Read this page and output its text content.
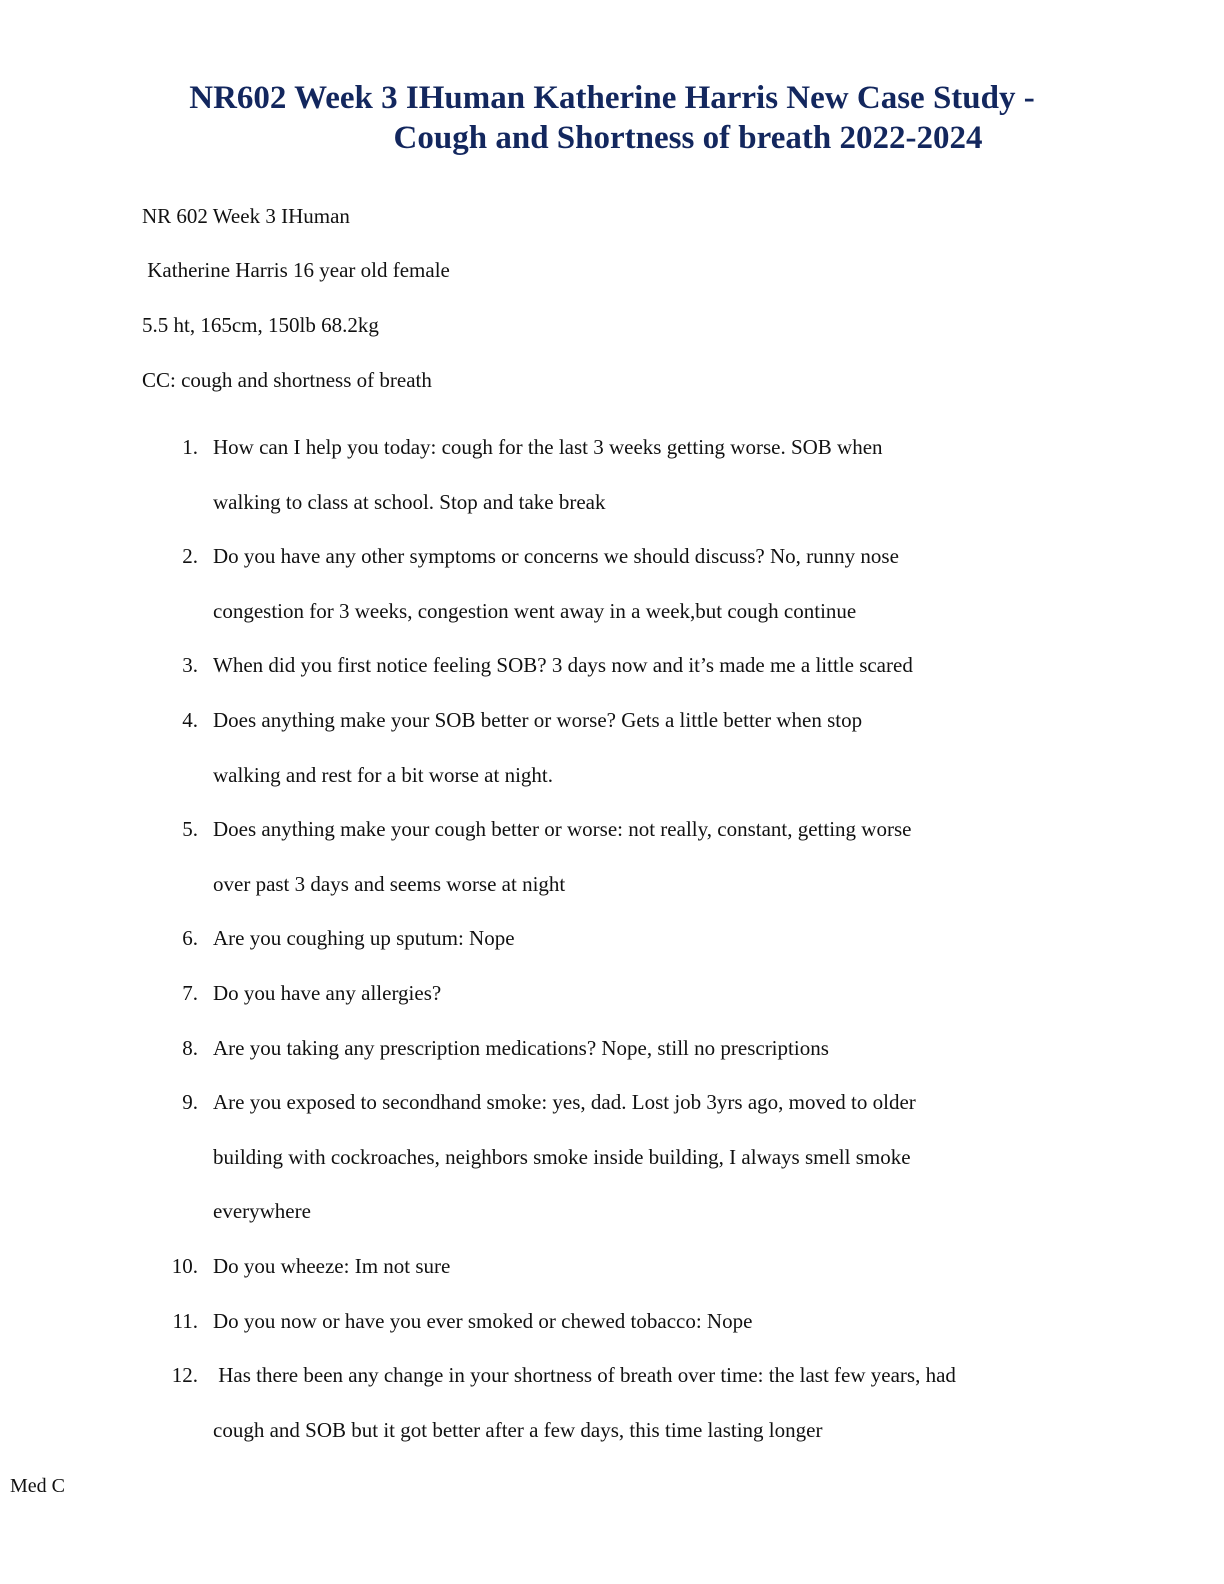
NR602 Week 3 IHuman Katherine Harris New Case Study -
Cough and Shortness of breath 2022-2024
NR 602 Week 3 IHuman
Katherine Harris 16 year old female
5.5 ht, 165cm, 150lb 68.2kg
CC: cough and shortness of breath
1. How can I help you today: cough for the last 3 weeks getting worse. SOB when
walking to class at school. Stop and take break
2. Do you have any other symptoms or concerns we should discuss? No, runny nose
congestion for 3 weeks, congestion went away in a week,but cough continue
3. When did you first notice feeling SOB? 3 days now and it’s made me a little scared
4. Does anything make your SOB better or worse? Gets a little better when stop
walking and rest for a bit worse at night.
5. Does anything make your cough better or worse: not really, constant, getting worse
over past 3 days and seems worse at night
6. Are you coughing up sputum: Nope
7. Do you have any allergies?
8. Are you taking any prescription medications? Nope, still no prescriptions
9. Are you exposed to secondhand smoke: yes, dad. Lost job 3yrs ago, moved to older
building with cockroaches, neighbors smoke inside building, I always smell smoke
everywhere
10. Do you wheeze: Im not sure
11. Do you now or have you ever smoked or chewed tobacco: Nope
12. Has there been any change in your shortness of breath over time: the last few years, had
cough and SOB but it got better after a few days, this time lasting longer
Med C
